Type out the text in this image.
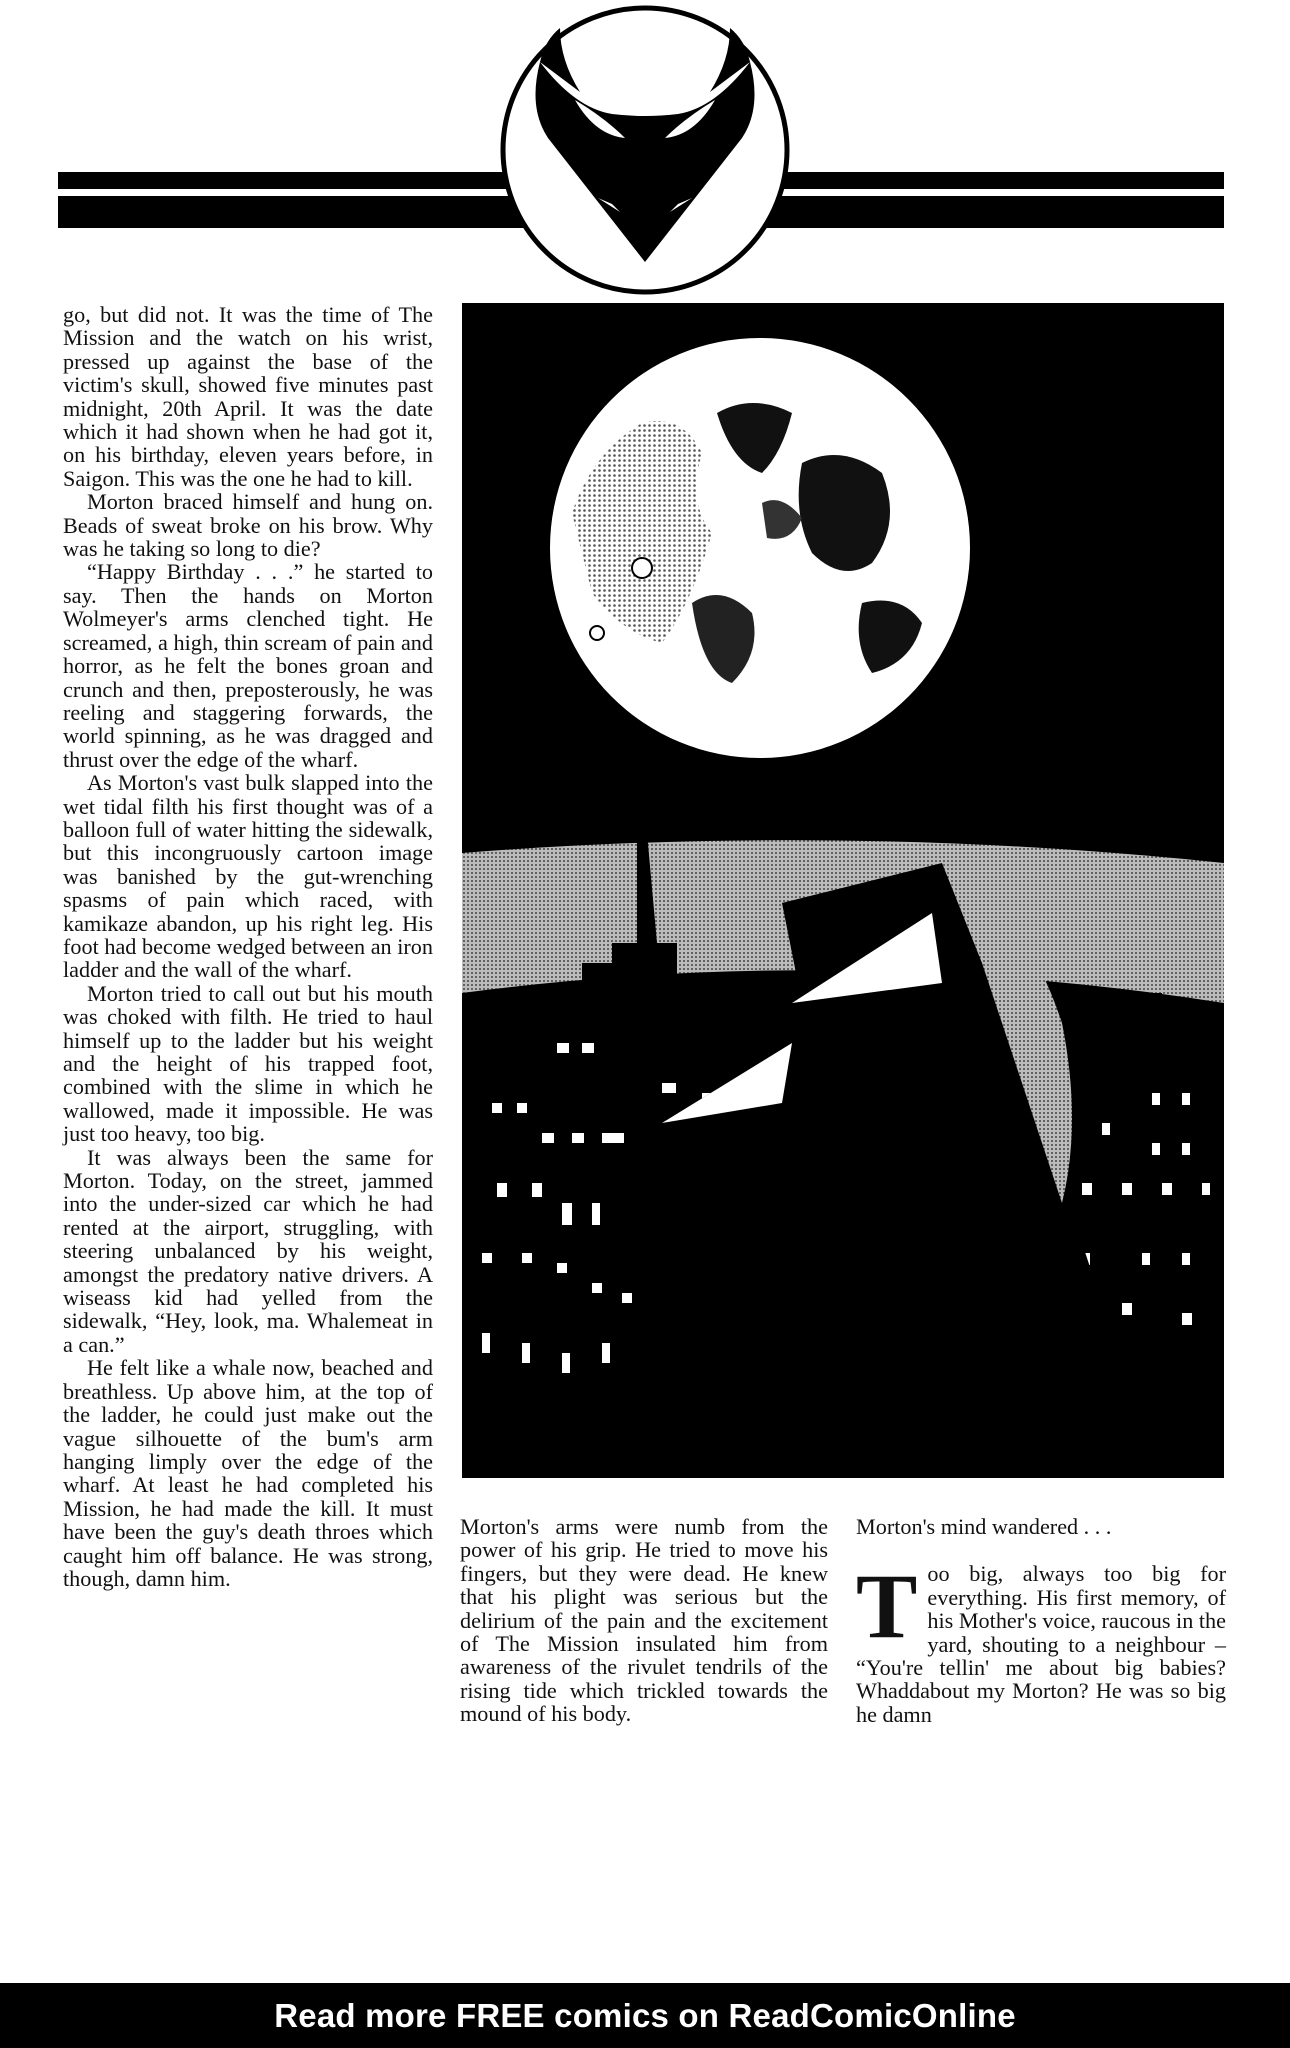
go, but did not. It was the time of The Mission and the watch on his wrist, pressed up against the base of the victim's skull, showed five minutes past midnight, 20th April. It was the date which it had shown when he had got it, on his birthday, eleven years before, in Saigon. This was the one he had to kill.

Morton braced himself and hung on. Beads of sweat broke on his brow. Why was he taking so long to die?

“Happy Birthday . . .” he started to say. Then the hands on Morton Wolmeyer's arms clenched tight. He screamed, a high, thin scream of pain and horror, as he felt the bones groan and crunch and then, preposterously, he was reeling and staggering forwards, the world spinning, as he was dragged and thrust over the edge of the wharf.

As Morton's vast bulk slapped into the wet tidal filth his first thought was of a balloon full of water hitting the sidewalk, but this incongruously cartoon image was banished by the gut-wrenching spasms of pain which raced, with kamikaze abandon, up his right leg. His foot had become wedged between an iron ladder and the wall of the wharf.

Morton tried to call out but his mouth was choked with filth. He tried to haul himself up to the ladder but his weight and the height of his trapped foot, combined with the slime in which he wallowed, made it impossible. He was just too heavy, too big.

It was always been the same for Morton. Today, on the street, jammed into the under-sized car which he had rented at the airport, struggling, with steering unbalanced by his weight, amongst the predatory native drivers. A wiseass kid had yelled from the sidewalk, “Hey, look, ma. Whalemeat in a can.”

He felt like a whale now, beached and breathless. Up above him, at the top of the ladder, he could just make out the vague silhouette of the bum's arm hanging limply over the edge of the wharf. At least he had completed his Mission, he had made the kill. It must have been the guy's death throes which caught him off balance. He was strong, though, damn him.

Morton's arms were numb from the power of his grip. He tried to move his fingers, but they were dead. He knew that his plight was serious but the delirium of the pain and the excitement of The Mission insulated him from awareness of the rivulet tendrils of the rising tide which trickled towards the mound of his body.

Morton's mind wandered . . .

Too big, always too big for everything. His first memory, of his Mother's voice, raucous in the yard, shouting to a neighbour – “You're tellin' me about big babies? Whaddabout my Morton? He was so big he damn

Read more FREE comics on ReadComicOnline
